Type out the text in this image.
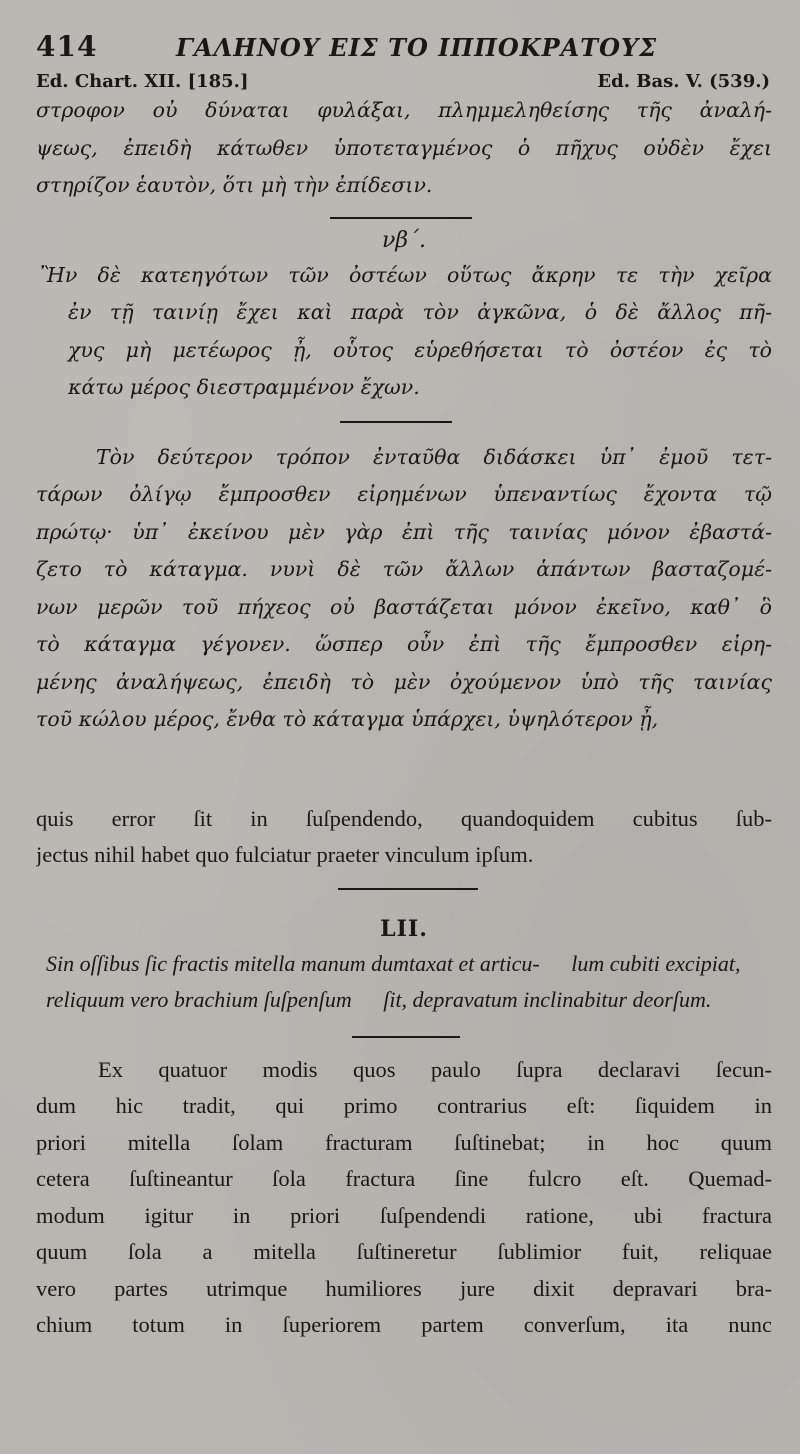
414	ΓΑΛΗΝΟΥ ΕΙΣ ΤΟ ΙΠΠΟΚΡΑΤΟΥΣ
Ed. Chart. XII. [185.]	Ed. Bas. V. (539.)
στροφον οὐ δύναται φυλάξαι, πλημμεληθείσης τῆς ἀναλή-
ψεως, ἐπειδὴ κάτωθεν ὑποτεταγμένος ὁ πῆχυς οὐδὲν ἔχει
στηρίζον ἑαυτὸν, ὅτι μὴ τὴν ἐπίδεσιν.
νβ΄.
Ἢν δὲ κατεηγότων τῶν ὀστέων οὕτως ἄκρην τε τὴν χεῖρα
ἐν τῇ ταινίῃ ἔχει καὶ παρὰ τὸν ἀγκῶνα, ὁ δὲ ἄλλος πῆ-
χυς μὴ μετέωρος ᾖ, οὗτος εὑρεθήσεται τὸ ὀστέον ἐς τὸ
κάτω μέρος διεστραμμένον ἔχων.
Τὸν δεύτερον τρόπον ἐνταῦθα διδάσκει ὑπ᾽ ἐμοῦ τετ-
τάρων ὀλίγῳ ἔμπροσθεν εἰρημένων ὑπεναντίως ἔχοντα τῷ
πρώτῳ· ὑπ᾽ ἐκείνου μὲν γὰρ ἐπὶ τῆς ταινίας μόνον ἐβαστά-
ζετο τὸ κάταγμα. νυνὶ δὲ τῶν ἄλλων ἁπάντων βασταζομέ-
νων μερῶν τοῦ πήχεος οὐ βαστάζεται μόνον ἐκεῖνο, καθ᾽ ὃ
τὸ κάταγμα γέγονεν. ὥσπερ οὖν ἐπὶ τῆς ἔμπροσθεν εἰρη-
μένης ἀναλήψεως, ἐπειδὴ τὸ μὲν ὀχούμενον ὑπὸ τῆς ταινίας
τοῦ κώλου μέρος, ἔνθα τὸ κάταγμα ὑπάρχει, ὑψηλότερον ᾖ,
quis error ſit in ſuſpendendo, quandoquidem cubitus ſub-
jectus nihil habet quo fulciatur praeter vinculum ipſum.
LII.
Sin oſſibus ſic fractis mitella manum dumtaxat et articu- lum cubiti excipiat, reliquum vero brachium ſuſpenſum ſit, depravatum inclinabitur deorſum.
Ex quatuor modis quos paulo ſupra declaravi ſecun-
dum hic tradit, qui primo contrarius eſt: ſiquidem in
priori mitella ſolam fracturam ſuſtinebat; in hoc quum
cetera ſuſtineantur ſola fractura ſine fulcro eſt. Quemad-
modum igitur in priori ſuſpendendi ratione, ubi fractura
quum ſola a mitella ſuſtineretur ſublimior fuit, reliquae
vero partes utrimque humiliores jure dixit depravari bra-
chium totum in ſuperiorem partem converſum, ita nunc
